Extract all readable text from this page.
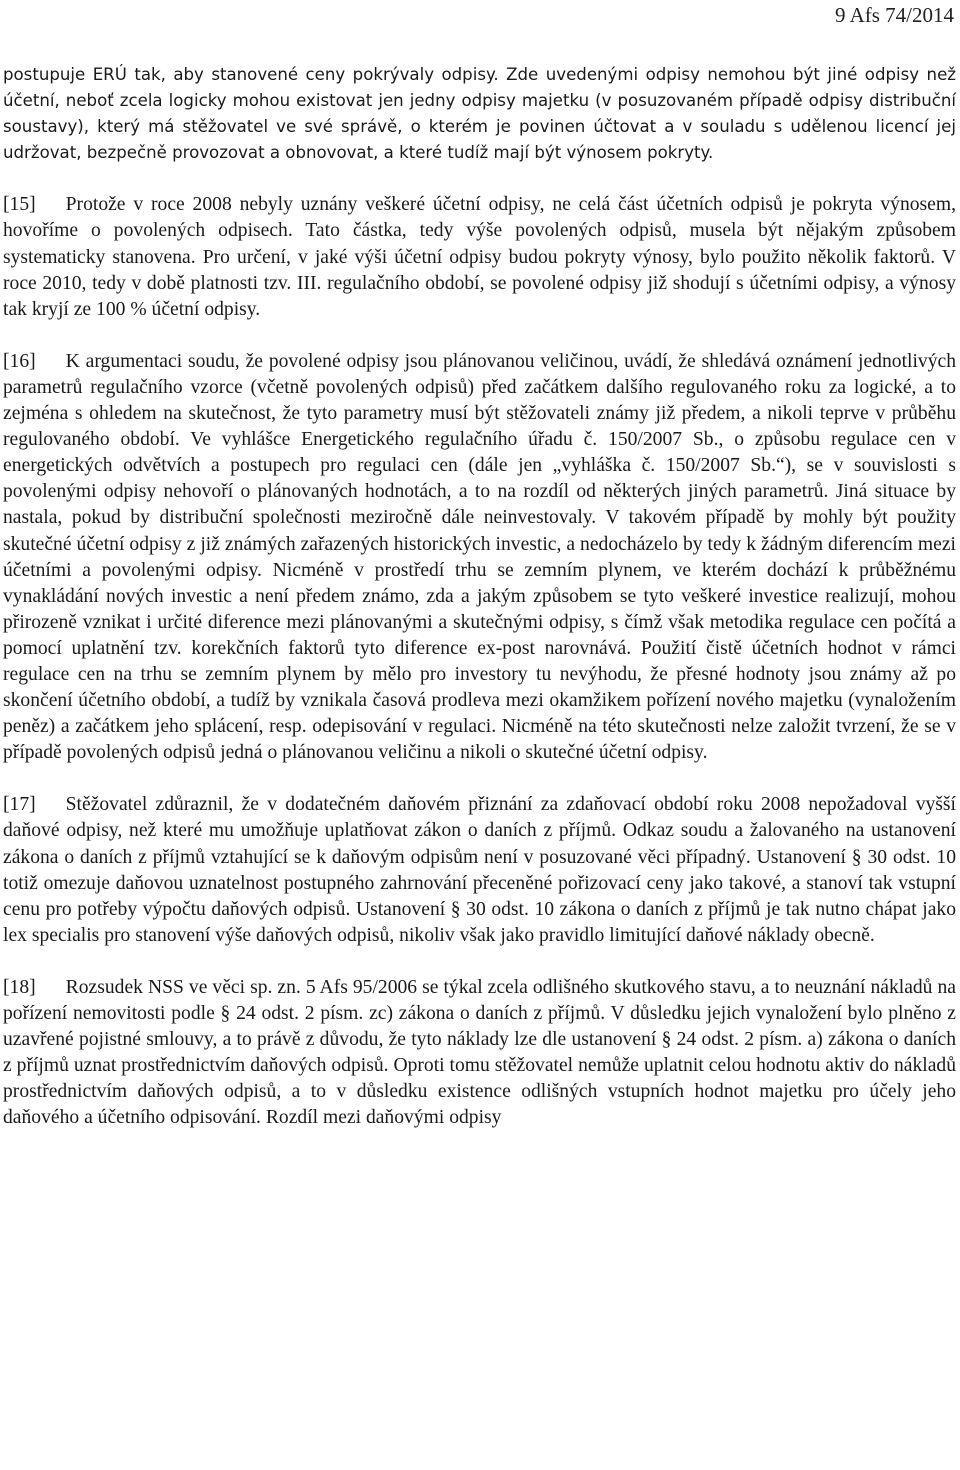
9 Afs 74/2014

postupuje ERÚ tak, aby stanovené ceny pokrývaly odpisy. Zde uvedenými odpisy nemohou být jiné odpisy než účetní, neboť zcela logicky mohou existovat jen jedny odpisy majetku (v posuzovaném případě odpisy distribuční soustavy), který má stěžovatel ve své správě, o kterém je povinen účtovat a v souladu s udělenou licencí jej udržovat, bezpečně provozovat a obnovovat, a které tudíž mají být výnosem pokryty.

[15] Protože v roce 2008 nebyly uznány veškeré účetní odpisy, ne celá část účetních odpisů je pokryta výnosem, hovoříme o povolených odpisech. Tato částka, tedy výše povolených odpisů, musela být nějakým způsobem systematicky stanovena. Pro určení, v jaké výši účetní odpisy budou pokryty výnosy, bylo použito několik faktorů. V roce 2010, tedy v době platnosti tzv. III. regulačního období, se povolené odpisy již shodují s účetními odpisy, a výnosy tak kryjí ze 100 % účetní odpisy.

[16] K argumentaci soudu, že povolené odpisy jsou plánovanou veličinou, uvádí, že shledává oznámení jednotlivých parametrů regulačního vzorce (včetně povolených odpisů) před začátkem dalšího regulovaného roku za logické, a to zejména s ohledem na skutečnost, že tyto parametry musí být stěžovateli známy již předem, a nikoli teprve v průběhu regulovaného období. Ve vyhlášce Energetického regulačního úřadu č. 150/2007 Sb., o způsobu regulace cen v energetických odvětvích a postupech pro regulaci cen (dále jen „vyhláška č. 150/2007 Sb.“), se v souvislosti s povolenými odpisy nehovoří o plánovaných hodnotách, a to na rozdíl od některých jiných parametrů. Jiná situace by nastala, pokud by distribuční společnosti meziročně dále neinvestovaly. V takovém případě by mohly být použity skutečné účetní odpisy z již známých zařazených historických investic, a nedocházelo by tedy k žádným diferencím mezi účetními a povolenými odpisy. Nicméně v prostředí trhu se zemním plynem, ve kterém dochází k průběžnému vynakládání nových investic a není předem známo, zda a jakým způsobem se tyto veškeré investice realizují, mohou přirozeně vznikat i určité diference mezi plánovanými a skutečnými odpisy, s čímž však metodika regulace cen počítá a pomocí uplatnění tzv. korekčních faktorů tyto diference ex-post narovnává. Použití čistě účetních hodnot v rámci regulace cen na trhu se zemním plynem by mělo pro investory tu nevýhodu, že přesné hodnoty jsou známy až po skončení účetního období, a tudíž by vznikala časová prodleva mezi okamžikem pořízení nového majetku (vynaložením peněz) a začátkem jeho splácení, resp. odepisování v regulaci. Nicméně na této skutečnosti nelze založit tvrzení, že se v případě povolených odpisů jedná o plánovanou veličinu a nikoli o skutečné účetní odpisy.

[17] Stěžovatel zdůraznil, že v dodatečném daňovém přiznání za zdaňovací období roku 2008 nepožadoval vyšší daňové odpisy, než které mu umožňuje uplatňovat zákon o daních z příjmů. Odkaz soudu a žalovaného na ustanovení zákona o daních z příjmů vztahující se k daňovým odpisům není v posuzované věci případný. Ustanovení § 30 odst. 10 totiž omezuje daňovou uznatelnost postupného zahrnování přeceněné pořizovací ceny jako takové, a stanoví tak vstupní cenu pro potřeby výpočtu daňových odpisů. Ustanovení § 30 odst. 10 zákona o daních z příjmů je tak nutno chápat jako lex specialis pro stanovení výše daňových odpisů, nikoliv však jako pravidlo limitující daňové náklady obecně.

[18] Rozsudek NSS ve věci sp. zn. 5 Afs 95/2006 se týkal zcela odlišného skutkového stavu, a to neuznání nákladů na pořízení nemovitosti podle § 24 odst. 2 písm. zc) zákona o daních z příjmů. V důsledku jejich vynaložení bylo plněno z uzavřené pojistné smlouvy, a to právě z důvodu, že tyto náklady lze dle ustanovení § 24 odst. 2 písm. a) zákona o daních z příjmů uznat prostřednictvím daňových odpisů. Oproti tomu stěžovatel nemůže uplatnit celou hodnotu aktiv do nákladů prostřednictvím daňových odpisů, a to v důsledku existence odlišných vstupních hodnot majetku pro účely jeho daňového a účetního odpisování. Rozdíl mezi daňovými odpisy
